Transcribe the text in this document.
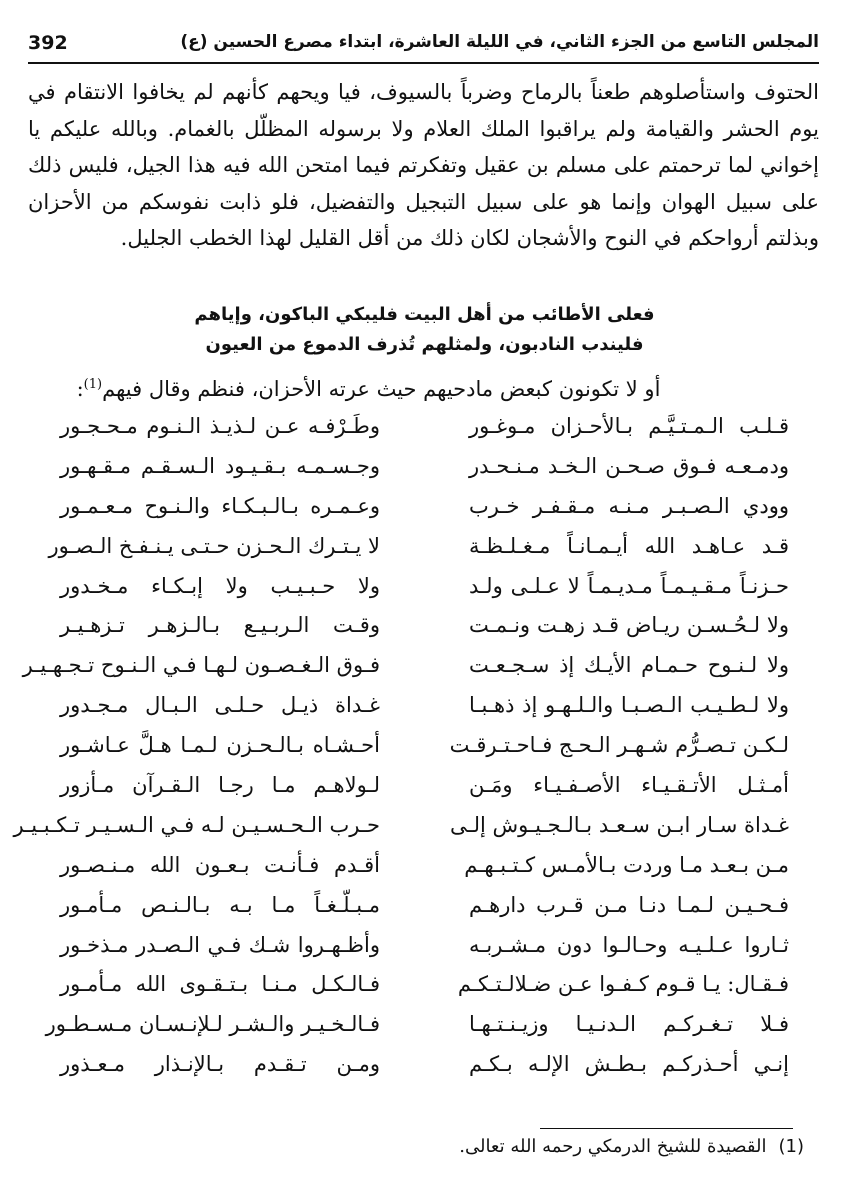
392	المجلس التاسع من الجزء الثاني، في الليلة العاشرة، ابتداء مصرع الحسين (ع)

الحتوف واستأصلوهم طعناً بالرماح وضرباً بالسيوف، فيا ويحهم كأنهم لم يخافوا الانتقام في يوم الحشر والقيامة ولم يراقبوا الملك العلام ولا برسوله المظلّل بالغمام. وبالله عليكم يا إخواني لما ترحمتم على مسلم بن عقيل وتفكرتم فيما امتحن الله فيه هذا الجيل، فليس ذلك على سبيل الهوان وإنما هو على سبيل التبجيل والتفضيل، فلو ذابت نفوسكم من الأحزان وبذلتم أرواحكم في النوح والأشجان لكان ذلك من أقل القليل لهذا الخطب الجليل.

فعلى الأطائب من أهل البيت فليبكي الباكون، وإياهم
فليندب النادبون، ولمثلهم تُذرف الدموع من العيون
أو لا تكونون كبعض مادحيهم حيث عرته الأحزان، فنظم وقال فيهم$^{(1)}$:
قـلـب الـمـتـيَّـم بـالأحـزان مـوغـور
وطَـرْفـه عـن لـذيـذ الـنـوم مـحـجـور
ودمـعـه فـوق صـحـن الـخـد مـنـحـدر
وجـسـمـه بـقـيـود الـسـقـم مـقـهـور
وودي الـصـبـر مـنـه مـقـفـر خـرب
وعـمـره بـالـبـكـاء والـنـوح مـعـمـور
قـد عـاهـد الله أيـمـانـاً مـغـلـظـة
لا يـتـرك الـحـزن حـتـى يـنـفـخ الـصـور
حـزنـاً مـقـيـمـاً مـديـمـاً لا عـلـى ولـد
ولا حـبـيـب ولا إبـكـاء مـخـدور
ولا لـحُـسـن ريـاض قـد زهـت ونـمـت
وقـت الـربـيـع بـالـزهـر تـزهـيـر
ولا لـنـوح حـمـام الأيـك إذ سـجـعـت
فـوق الـغـصـون لـهـا فـي الـنـوح تـجـهـيـر
ولا لـطـيـب الـصـبـا والـلـهـو إذ ذهـبـا
غـداة ذيـل حـلـى الـبـال مـجـدور
لـكـن تـصـرُّم شـهـر الـحـج فـاحـتـرقـت
أحـشـاه بـالـحـزن لـمـا هـلَّ عـاشـور
أمـثـل الأتـقـيـاء الأصـفـيـاء ومَـن
لـولاهـم مـا رجـا الـقـرآن مـأزور
غـداة سـار ابـن سـعـد بـالـجـيـوش إلـى
حـرب الـحـسـيـن لـه فـي الـسـيـر تـكـبـيـر
مـن بـعـد مـا وردت بـالأمـس كـتـبـهـم
أقـدم فـأنـت بـعـون الله مـنـصـور
فـحـيـن لـمـا دنـا مـن قـرب دارهـم
مـبـلّـغـاً مـا بـه بـالـنـص مـأمـور
ثـاروا عـلـيـه وحـالـوا دون مـشـربـه
وأظـهـروا شـك فـي الـصـدر مـذخـور
فـقـال: يـا قـوم كـفـوا عـن ضـلالـتـكـم
فـالـكـل مـنـا بـتـقـوى الله مـأمـور
فـلا تـغـركـم الـدنـيـا وزيـنـتـهـا
فـالـخـيـر والـشـر لـلإنـسـان مـسـطـور
إنـي أحـذركـم بـطـش الإلـه بـكـم
ومـن تـقـدم بـالإنـذار مـعـذور
(1)القصيدة للشيخ الدرمكي رحمه الله تعالى.
